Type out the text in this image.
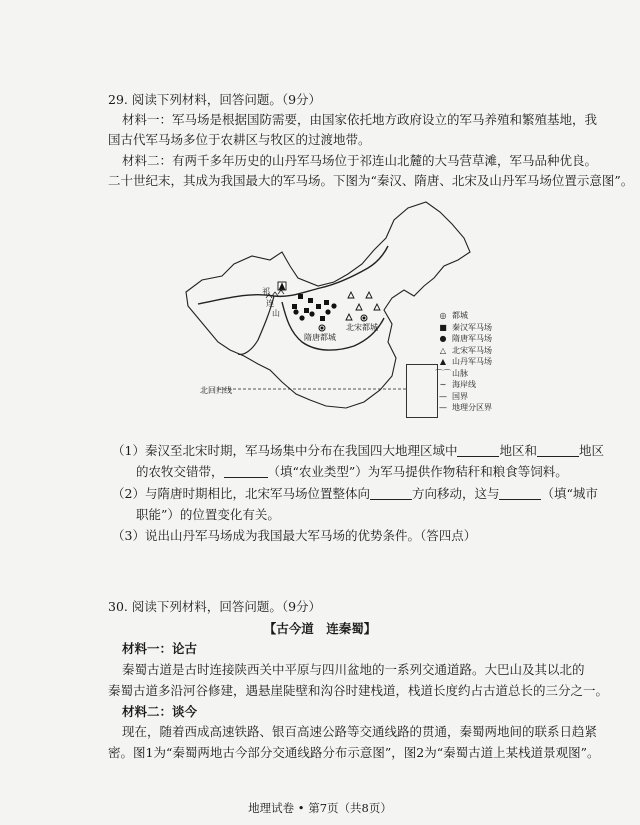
29. 阅读下列材料，回答问题。（9分）
材料一：军马场是根据国防需要，由国家依托地方政府设立的军马养殖和繁殖基地，我
国古代军马场多位于农耕区与牧区的过渡地带。
材料二：有两千多年历史的山丹军马场位于祁连山北麓的大马营草滩，军马品种优良。
二十世纪末，其成为我国最大的军马场。下图为“秦汉、隋唐、北宋及山丹军马场位置示意图”。
祁
连
山
隋唐都城
北宋都城
北回归线
◎ 都城
■ 秦汉军马场
● 隋唐军马场
△ 北宋军马场
▲ 山丹军马场
⌒⌒ 山脉
∼ 海岸线
— 国界
— 地理分区界
（1）秦汉至北宋时期，军马场集中分布在我国四大地理区域中	地区和	地区
的农牧交错带，	（填“农业类型”）为军马提供作物秸秆和粮食等饲料。
（2）与隋唐时期相比，北宋军马场位置整体向	方向移动，这与	（填“城市
职能”）的位置变化有关。
（3）说出山丹军马场成为我国最大军马场的优势条件。（答四点）
30. 阅读下列材料，回答问题。（9分）
【古今道　连秦蜀】
材料一：论古
秦蜀古道是古时连接陕西关中平原与四川盆地的一系列交通道路。大巴山及其以北的
秦蜀古道多沿河谷修建，遇悬崖陡壁和沟谷时建栈道，栈道长度约占古道总长的三分之一。
材料二：谈今
现在，随着西成高速铁路、银百高速公路等交通线路的贯通，秦蜀两地间的联系日趋紧
密。图1为“秦蜀两地古今部分交通线路分布示意图”，图2为“秦蜀古道上某栈道景观图”。
地理试卷 • 第7页（共8页）
